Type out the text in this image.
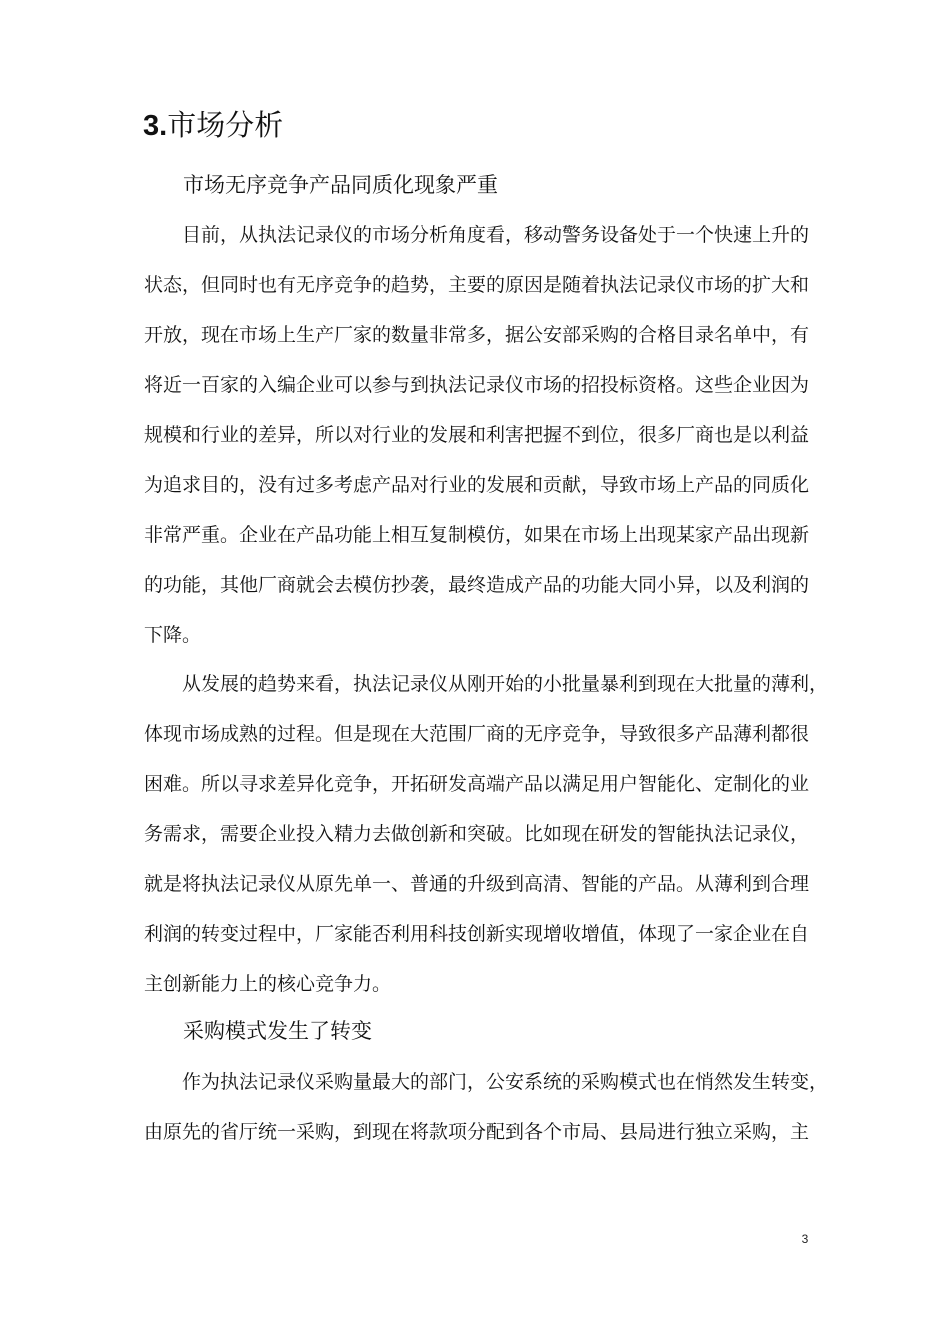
3.市场分析
市场无序竞争产品同质化现象严重
目前，从执法记录仪的市场分析角度看，移动警务设备处于一个快速上升的
状态，但同时也有无序竞争的趋势，主要的原因是随着执法记录仪市场的扩大和
开放，现在市场上生产厂家的数量非常多，据公安部采购的合格目录名单中，有
将近一百家的入编企业可以参与到执法记录仪市场的招投标资格。这些企业因为
规模和行业的差异，所以对行业的发展和利害把握不到位，很多厂商也是以利益
为追求目的，没有过多考虑产品对行业的发展和贡献，导致市场上产品的同质化
非常严重。企业在产品功能上相互复制模仿，如果在市场上出现某家产品出现新
的功能，其他厂商就会去模仿抄袭，最终造成产品的功能大同小异，以及利润的
下降。
从发展的趋势来看，执法记录仪从刚开始的小批量暴利到现在大批量的薄利，
体现市场成熟的过程。但是现在大范围厂商的无序竞争，导致很多产品薄利都很
困难。所以寻求差异化竞争，开拓研发高端产品以满足用户智能化、定制化的业
务需求，需要企业投入精力去做创新和突破。比如现在研发的智能执法记录仪，
就是将执法记录仪从原先单一、普通的升级到高清、智能的产品。从薄利到合理
利润的转变过程中，厂家能否利用科技创新实现增收增值，体现了一家企业在自
主创新能力上的核心竞争力。
采购模式发生了转变
作为执法记录仪采购量最大的部门，公安系统的采购模式也在悄然发生转变，
由原先的省厅统一采购，到现在将款项分配到各个市局、县局进行独立采购，主
3
